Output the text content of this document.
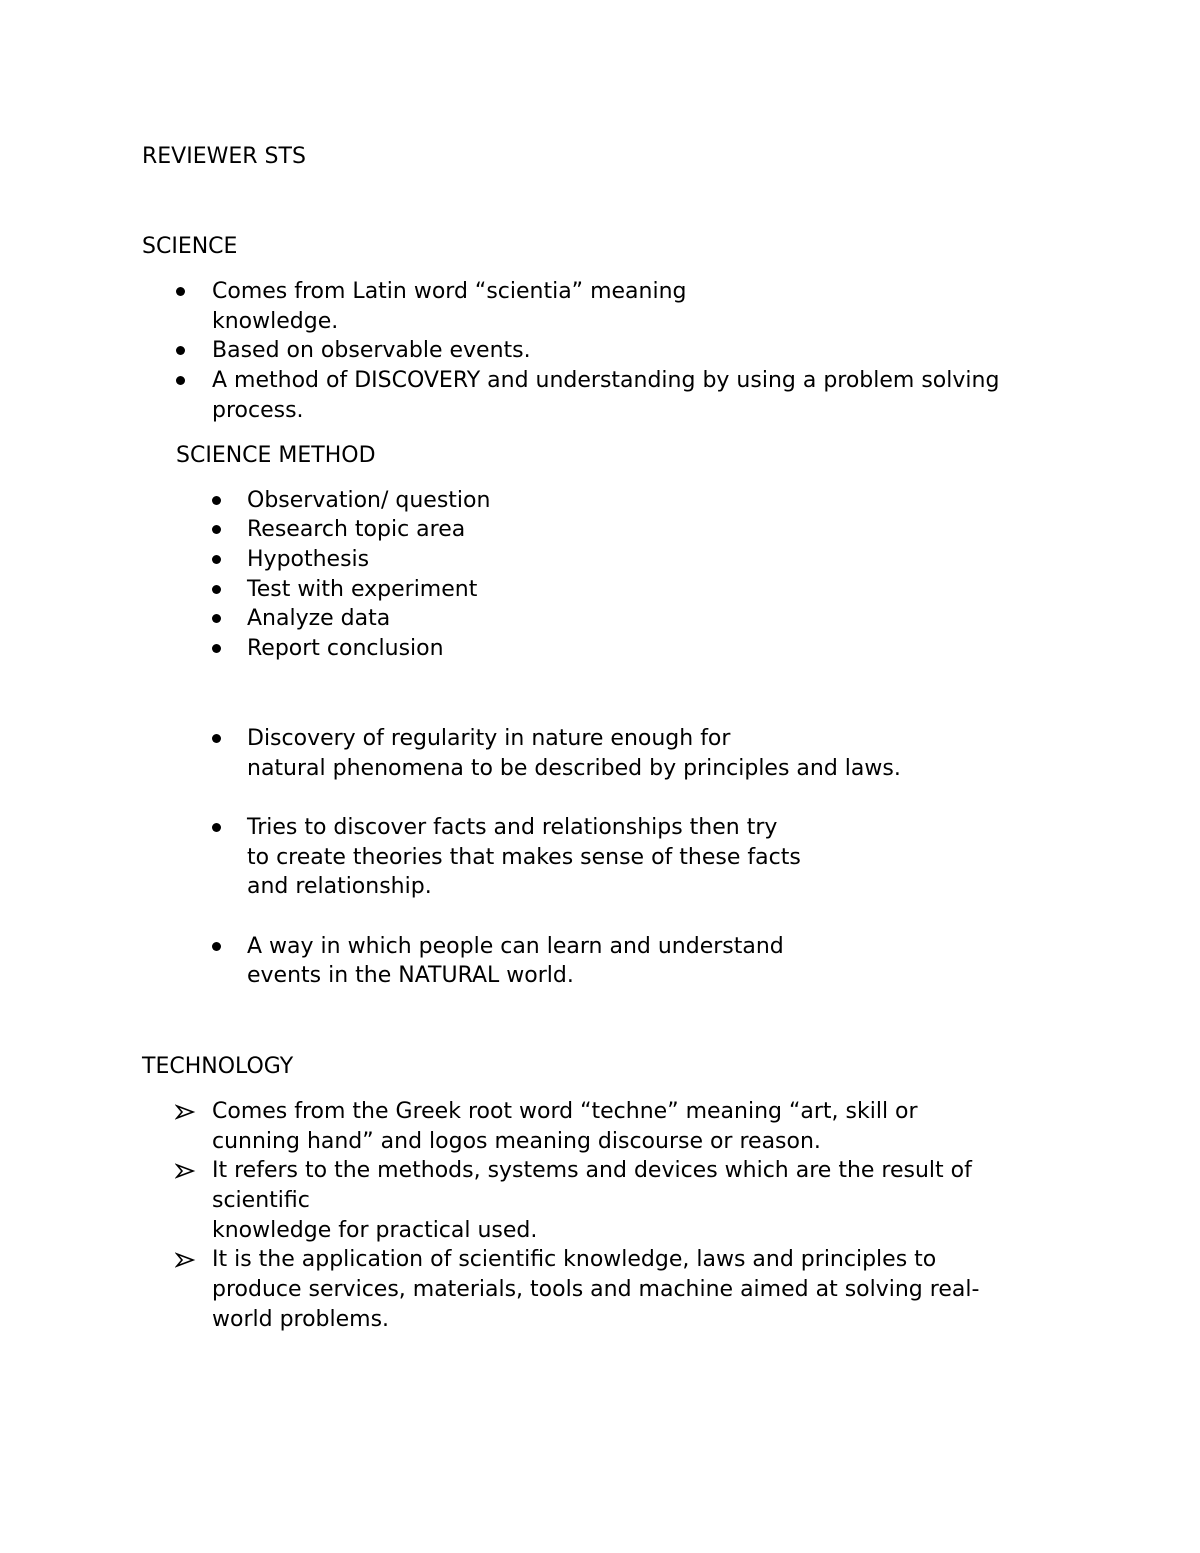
REVIEWER STS
SCIENCE
Comes from Latin word “scientia” meaning
knowledge.
Based on observable events.
A method of DISCOVERY and understanding by using a problem solving
process.
SCIENCE METHOD
Observation/ question
Research topic area
Hypothesis
Test with experiment
Analyze data
Report conclusion
Discovery of regularity in nature enough for
natural phenomena to be described by principles and laws.
Tries to discover facts and relationships then try
to create theories that makes sense of these facts
and relationship.
A way in which people can learn and understand
events in the NATURAL world.
TECHNOLOGY
Comes from the Greek root word “techne” meaning “art, skill or
cunning hand” and logos meaning discourse or reason.
It refers to the methods, systems and devices which are the result of
scientific
knowledge for practical used.
It is the application of scientific knowledge, laws and principles to
produce services, materials, tools and machine aimed at solving real-
world problems.
